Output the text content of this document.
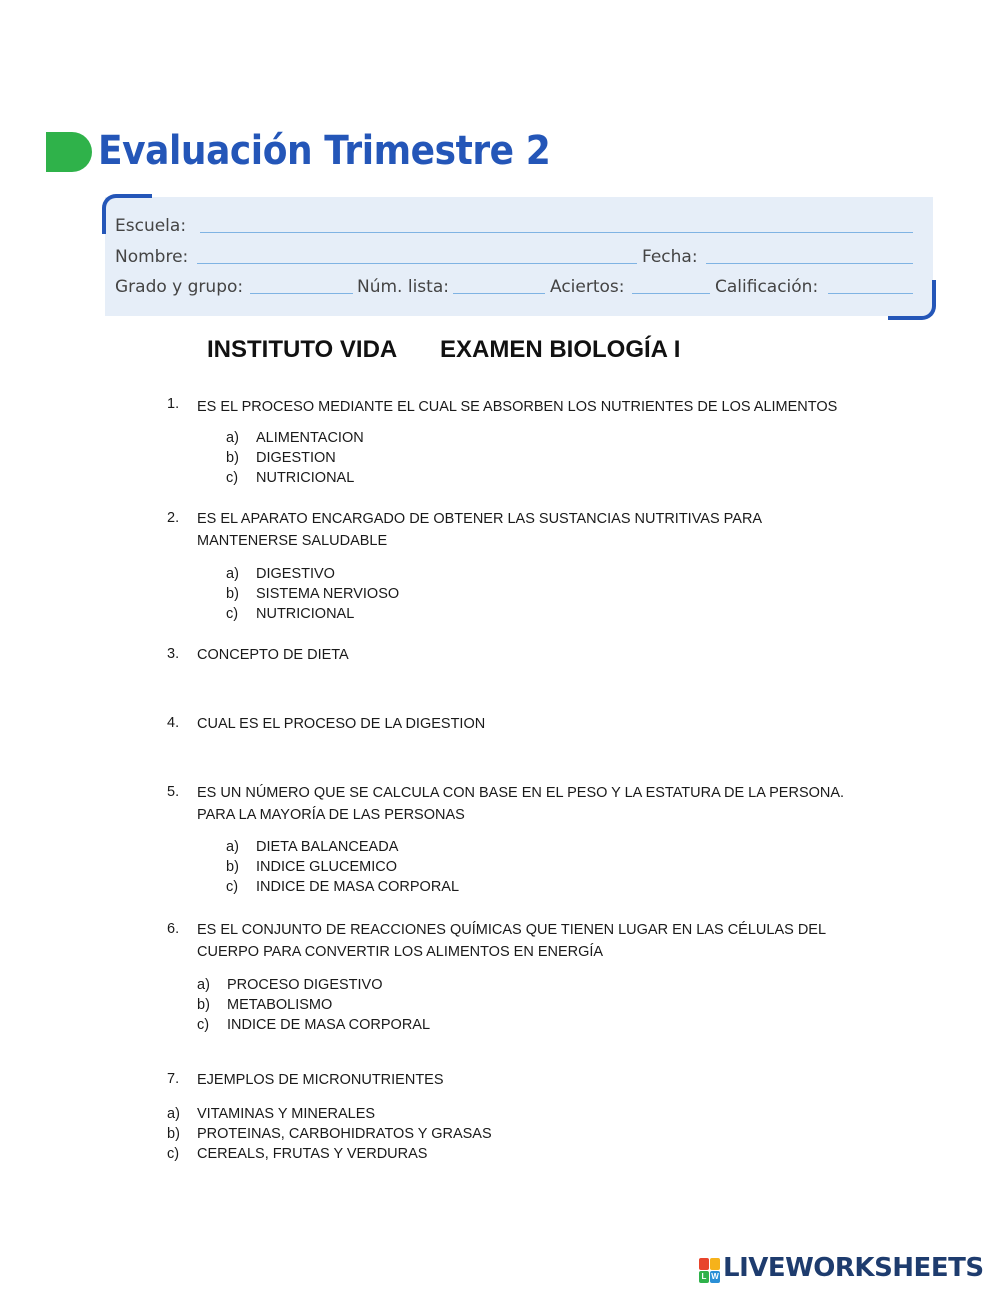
Evaluación Trimestre 2
Escuela:
Nombre:	Fecha:
Grado y grupo:	Núm. lista:	Aciertos:	Calificación:
INSTITUTO VIDA EXAMEN BIOLOGÍA I
1. ES EL PROCESO MEDIANTE EL CUAL SE ABSORBEN LOS NUTRIENTES DE LOS ALIMENTOS
a) ALIMENTACION
b) DIGESTION
c) NUTRICIONAL
2. ES EL APARATO ENCARGADO DE OBTENER LAS SUSTANCIAS NUTRITIVAS PARA MANTENERSE SALUDABLE
a) DIGESTIVO
b) SISTEMA NERVIOSO
c) NUTRICIONAL
3. CONCEPTO DE DIETA
4. CUAL ES EL PROCESO DE LA DIGESTION
5. ES UN NÚMERO QUE SE CALCULA CON BASE EN EL PESO Y LA ESTATURA DE LA PERSONA. PARA LA MAYORÍA DE LAS PERSONAS
a) DIETA BALANCEADA
b) INDICE GLUCEMICO
c) INDICE DE MASA CORPORAL
6. ES EL CONJUNTO DE REACCIONES QUÍMICAS QUE TIENEN LUGAR EN LAS CÉLULAS DEL CUERPO PARA CONVERTIR LOS ALIMENTOS EN ENERGÍA
a) PROCESO DIGESTIVO
b) METABOLISMO
c) INDICE DE MASA CORPORAL
7. EJEMPLOS DE MICRONUTRIENTES
a) VITAMINAS Y MINERALES
b) PROTEINAS, CARBOHIDRATOS Y GRASAS
c) CEREALS, FRUTAS Y VERDURAS
L W LIVEWORKSHEETS
